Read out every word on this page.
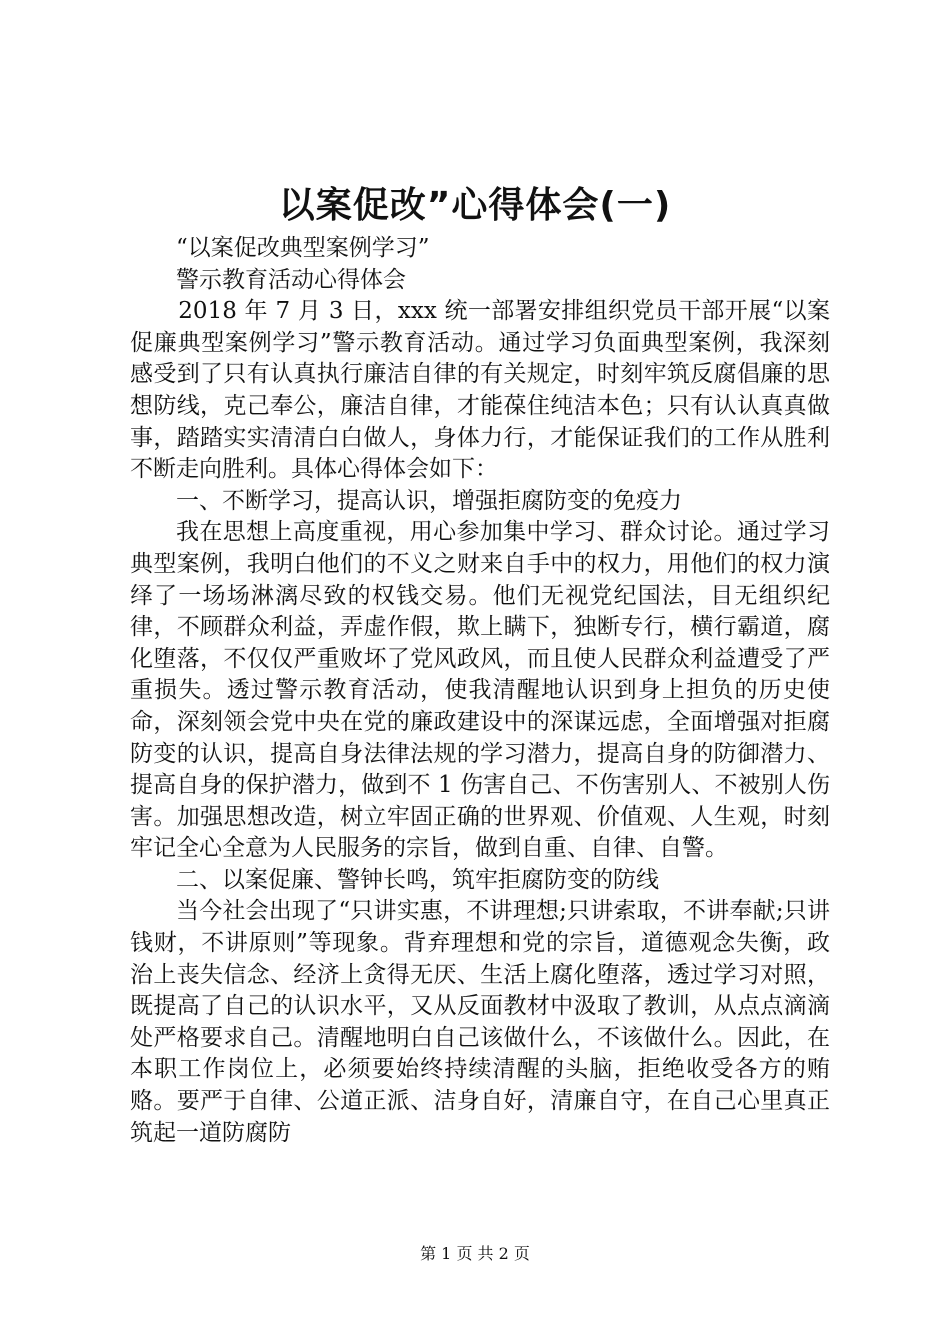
以案促改”心得体会(一)

“以案促改典型案例学习”

警示教育活动心得体会

2018 年 7 月 3 日，xxx 统一部署安排组织党员干部开展“以案促廉典型案例学习”警示教育活动。通过学习负面典型案例，我深刻感受到了只有认真执行廉洁自律的有关规定，时刻牢筑反腐倡廉的思想防线，克己奉公，廉洁自律，才能葆住纯洁本色；只有认认真真做事，踏踏实实清清白白做人，身体力行，才能保证我们的工作从胜利不断走向胜利。具体心得体会如下：

一、不断学习，提高认识，增强拒腐防变的免疫力

我在思想上高度重视，用心参加集中学习、群众讨论。通过学习典型案例，我明白他们的不义之财来自手中的权力，用他们的权力演绎了一场场淋漓尽致的权钱交易。他们无视党纪国法，目无组织纪律，不顾群众利益，弄虚作假，欺上瞒下，独断专行，横行霸道，腐化堕落，不仅仅严重败坏了党风政风，而且使人民群众利益遭受了严重损失。透过警示教育活动，使我清醒地认识到身上担负的历史使命，深刻领会党中央在党的廉政建设中的深谋远虑，全面增强对拒腐防变的认识，提高自身法律法规的学习潜力，提高自身的防御潜力、提高自身的保护潜力，做到不 1 伤害自己、不伤害别人、不被别人伤害。加强思想改造，树立牢固正确的世界观、价值观、人生观，时刻牢记全心全意为人民服务的宗旨，做到自重、自律、自警。

二、以案促廉、警钟长鸣，筑牢拒腐防变的防线

当今社会出现了“只讲实惠，不讲理想;只讲索取，不讲奉献;只讲钱财，不讲原则”等现象。背弃理想和党的宗旨，道德观念失衡，政治上丧失信念、经济上贪得无厌、生活上腐化堕落，透过学习对照，既提高了自己的认识水平，又从反面教材中汲取了教训，从点点滴滴处严格要求自己。清醒地明白自己该做什么，不该做什么。因此，在本职工作岗位上，必须要始终持续清醒的头脑，拒绝收受各方的贿赂。要严于自律、公道正派、洁身自好，清廉自守，在自己心里真正筑起一道防腐防

第 1 页 共 2 页
